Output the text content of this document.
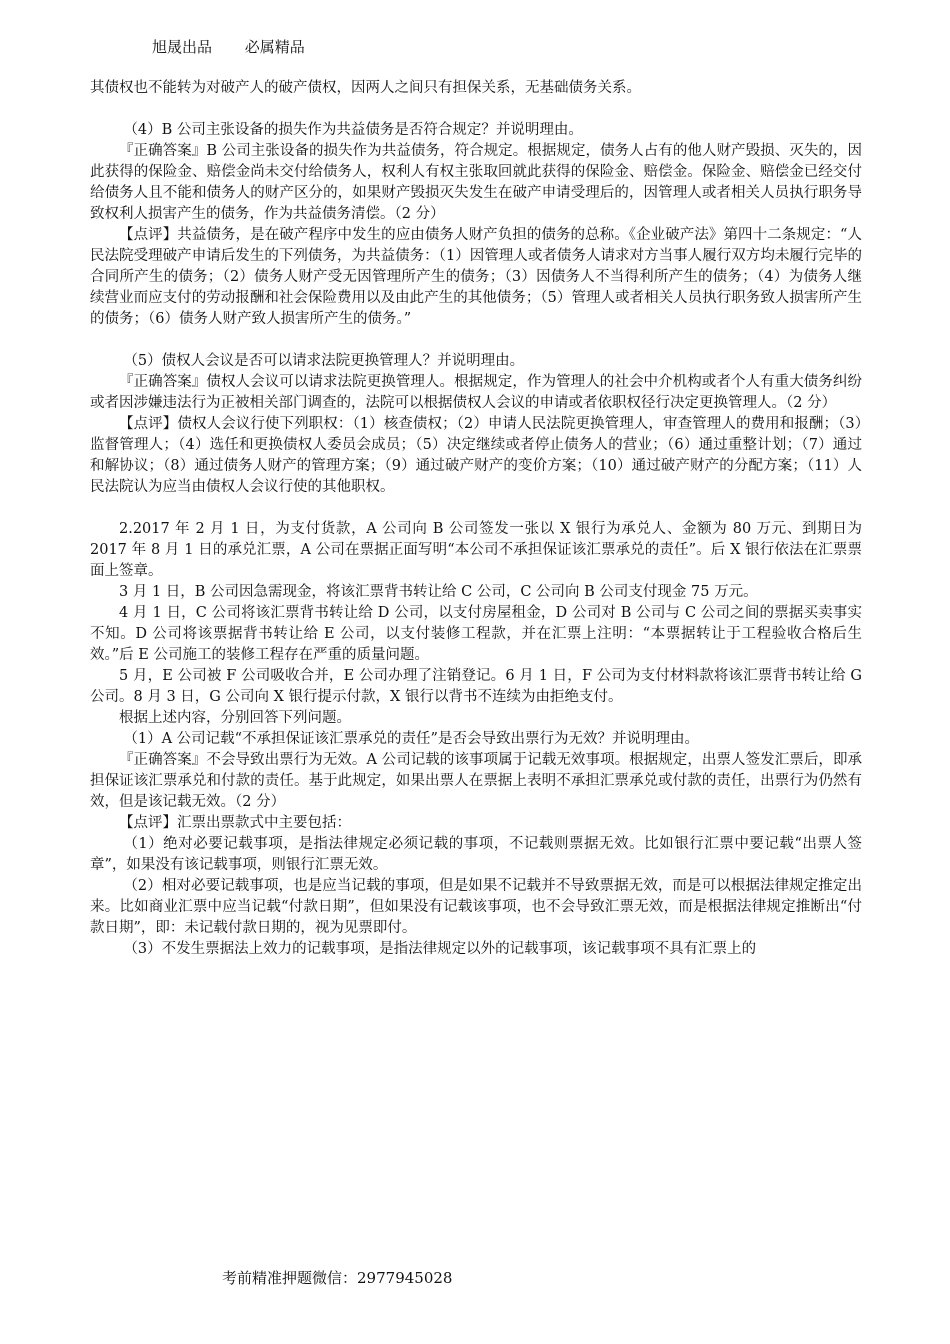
旭晟出品 必属精品

其债权也不能转为对破产人的破产债权，因两人之间只有担保关系，无基础债务关系。

（4）B 公司主张设备的损失作为共益债务是否符合规定？并说明理由。

『正确答案』B 公司主张设备的损失作为共益债务，符合规定。根据规定，债务人占有的他人财产毁损、灭失的，因此获得的保险金、赔偿金尚未交付给债务人，权利人有权主张取回就此获得的保险金、赔偿金。保险金、赔偿金已经交付给债务人且不能和债务人的财产区分的，如果财产毁损灭失发生在破产申请受理后的，因管理人或者相关人员执行职务导致权利人损害产生的债务，作为共益债务清偿。（2 分）

【点评】共益债务，是在破产程序中发生的应由债务人财产负担的债务的总称。《企业破产法》第四十二条规定：“人民法院受理破产申请后发生的下列债务，为共益债务：（1）因管理人或者债务人请求对方当事人履行双方均未履行完毕的合同所产生的债务；（2）债务人财产受无因管理所产生的债务；（3）因债务人不当得利所产生的债务；（4）为债务人继续营业而应支付的劳动报酬和社会保险费用以及由此产生的其他债务；（5）管理人或者相关人员执行职务致人损害所产生的债务；（6）债务人财产致人损害所产生的债务。”

（5）债权人会议是否可以请求法院更换管理人？并说明理由。

『正确答案』债权人会议可以请求法院更换管理人。根据规定，作为管理人的社会中介机构或者个人有重大债务纠纷或者因涉嫌违法行为正被相关部门调查的，法院可以根据债权人会议的申请或者依职权径行决定更换管理人。（2 分）

【点评】债权人会议行使下列职权：（1）核查债权；（2）申请人民法院更换管理人，审查管理人的费用和报酬；（3）监督管理人；（4）选任和更换债权人委员会成员；（5）决定继续或者停止债务人的营业；（6）通过重整计划；（7）通过和解协议；（8）通过债务人财产的管理方案；（9）通过破产财产的变价方案；（10）通过破产财产的分配方案；（11）人民法院认为应当由债权人会议行使的其他职权。

2.2017 年 2 月 1 日，为支付货款，A 公司向 B 公司签发一张以 X 银行为承兑人、金额为 80 万元、到期日为 2017 年 8 月 1 日的承兑汇票，A 公司在票据正面写明“本公司不承担保证该汇票承兑的责任”。后 X 银行依法在汇票票面上签章。

3 月 1 日，B 公司因急需现金，将该汇票背书转让给 C 公司，C 公司向 B 公司支付现金 75 万元。

4 月 1 日，C 公司将该汇票背书转让给 D 公司，以支付房屋租金，D 公司对 B 公司与 C 公司之间的票据买卖事实不知。D 公司将该票据背书转让给 E 公司，以支付装修工程款，并在汇票上注明：“本票据转让于工程验收合格后生效。”后 E 公司施工的装修工程存在严重的质量问题。

5 月，E 公司被 F 公司吸收合并，E 公司办理了注销登记。6 月 1 日，F 公司为支付材料款将该汇票背书转让给 G 公司。8 月 3 日，G 公司向 X 银行提示付款，X 银行以背书不连续为由拒绝支付。

根据上述内容，分别回答下列问题。

（1）A 公司记载“不承担保证该汇票承兑的责任”是否会导致出票行为无效？并说明理由。

『正确答案』不会导致出票行为无效。A 公司记载的该事项属于记载无效事项。根据规定，出票人签发汇票后，即承担保证该汇票承兑和付款的责任。基于此规定，如果出票人在票据上表明不承担汇票承兑或付款的责任，出票行为仍然有效，但是该记载无效。（2 分）

【点评】汇票出票款式中主要包括：

（1）绝对必要记载事项，是指法律规定必须记载的事项，不记载则票据无效。比如银行汇票中要记载“出票人签章”，如果没有该记载事项，则银行汇票无效。

（2）相对必要记载事项，也是应当记载的事项，但是如果不记载并不导致票据无效，而是可以根据法律规定推定出来。比如商业汇票中应当记载“付款日期”，但如果没有记载该事项，也不会导致汇票无效，而是根据法律规定推断出“付款日期”，即：未记载付款日期的，视为见票即付。

（3）不发生票据法上效力的记载事项，是指法律规定以外的记载事项，该记载事项不具有汇票上的

考前精准押题微信：2977945028
